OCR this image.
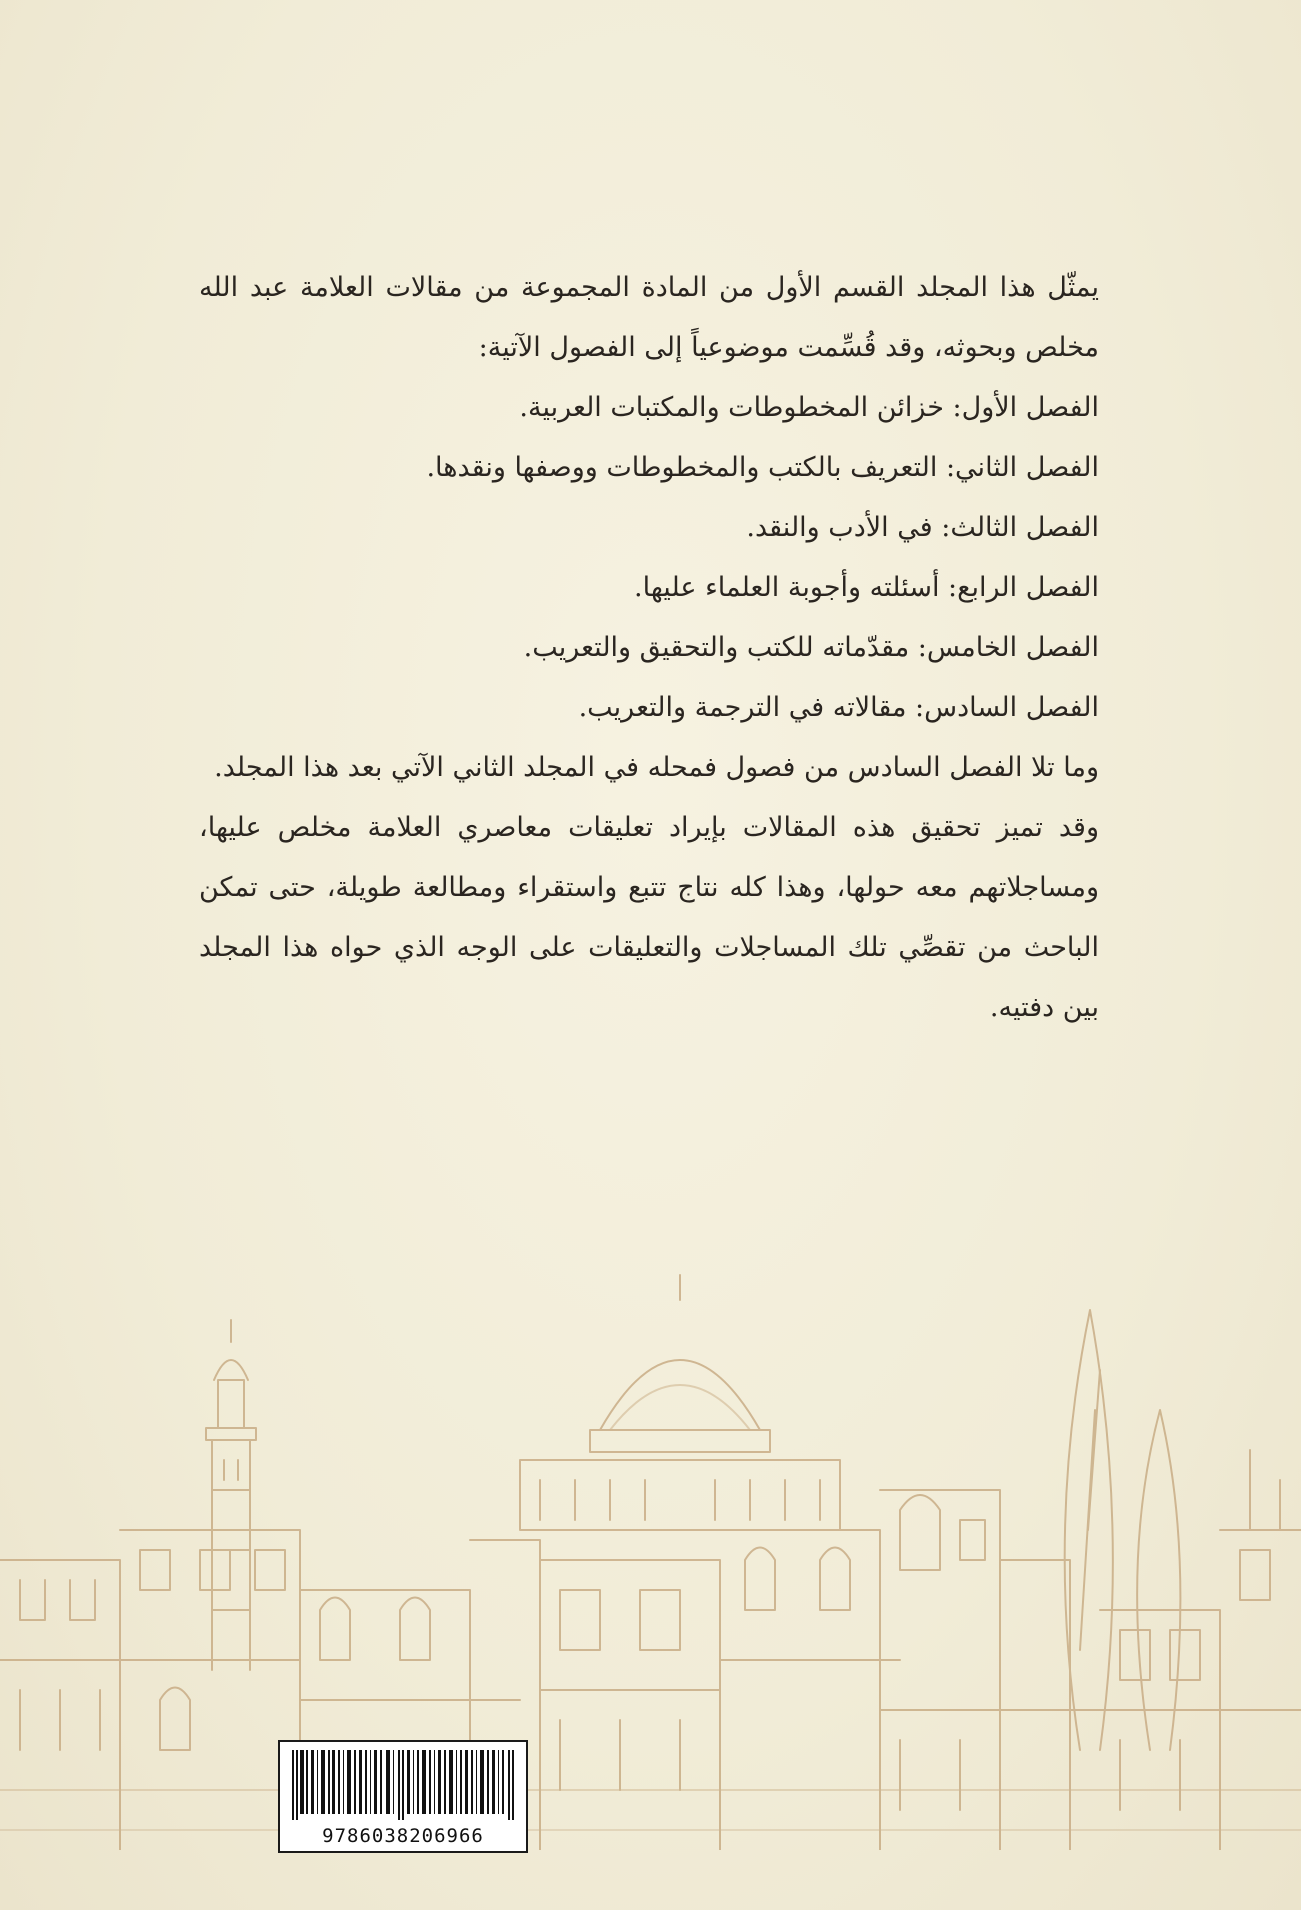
يمثّل هذا المجلد القسم الأول من المادة المجموعة من مقالات العلامة عبد الله مخلص وبحوثه، وقد قُسِّمت موضوعياً إلى الفصول الآتية:

الفصل الأول: خزائن المخطوطات والمكتبات العربية.

الفصل الثاني: التعريف بالكتب والمخطوطات ووصفها ونقدها.

الفصل الثالث: في الأدب والنقد.

الفصل الرابع: أسئلته وأجوبة العلماء عليها.

الفصل الخامس: مقدّماته للكتب والتحقيق والتعريب.

الفصل السادس: مقالاته في الترجمة والتعريب.

وما تلا الفصل السادس من فصول فمحله في المجلد الثاني الآتي بعد هذا المجلد.

وقد تميز تحقيق هذه المقالات بإيراد تعليقات معاصري العلامة مخلص عليها، ومساجلاتهم معه حولها، وهذا كله نتاج تتبع واستقراء ومطالعة طويلة، حتى تمكن الباحث من تقصِّي تلك المساجلات والتعليقات على الوجه الذي حواه هذا المجلد بين دفتيه.

9786038206966
